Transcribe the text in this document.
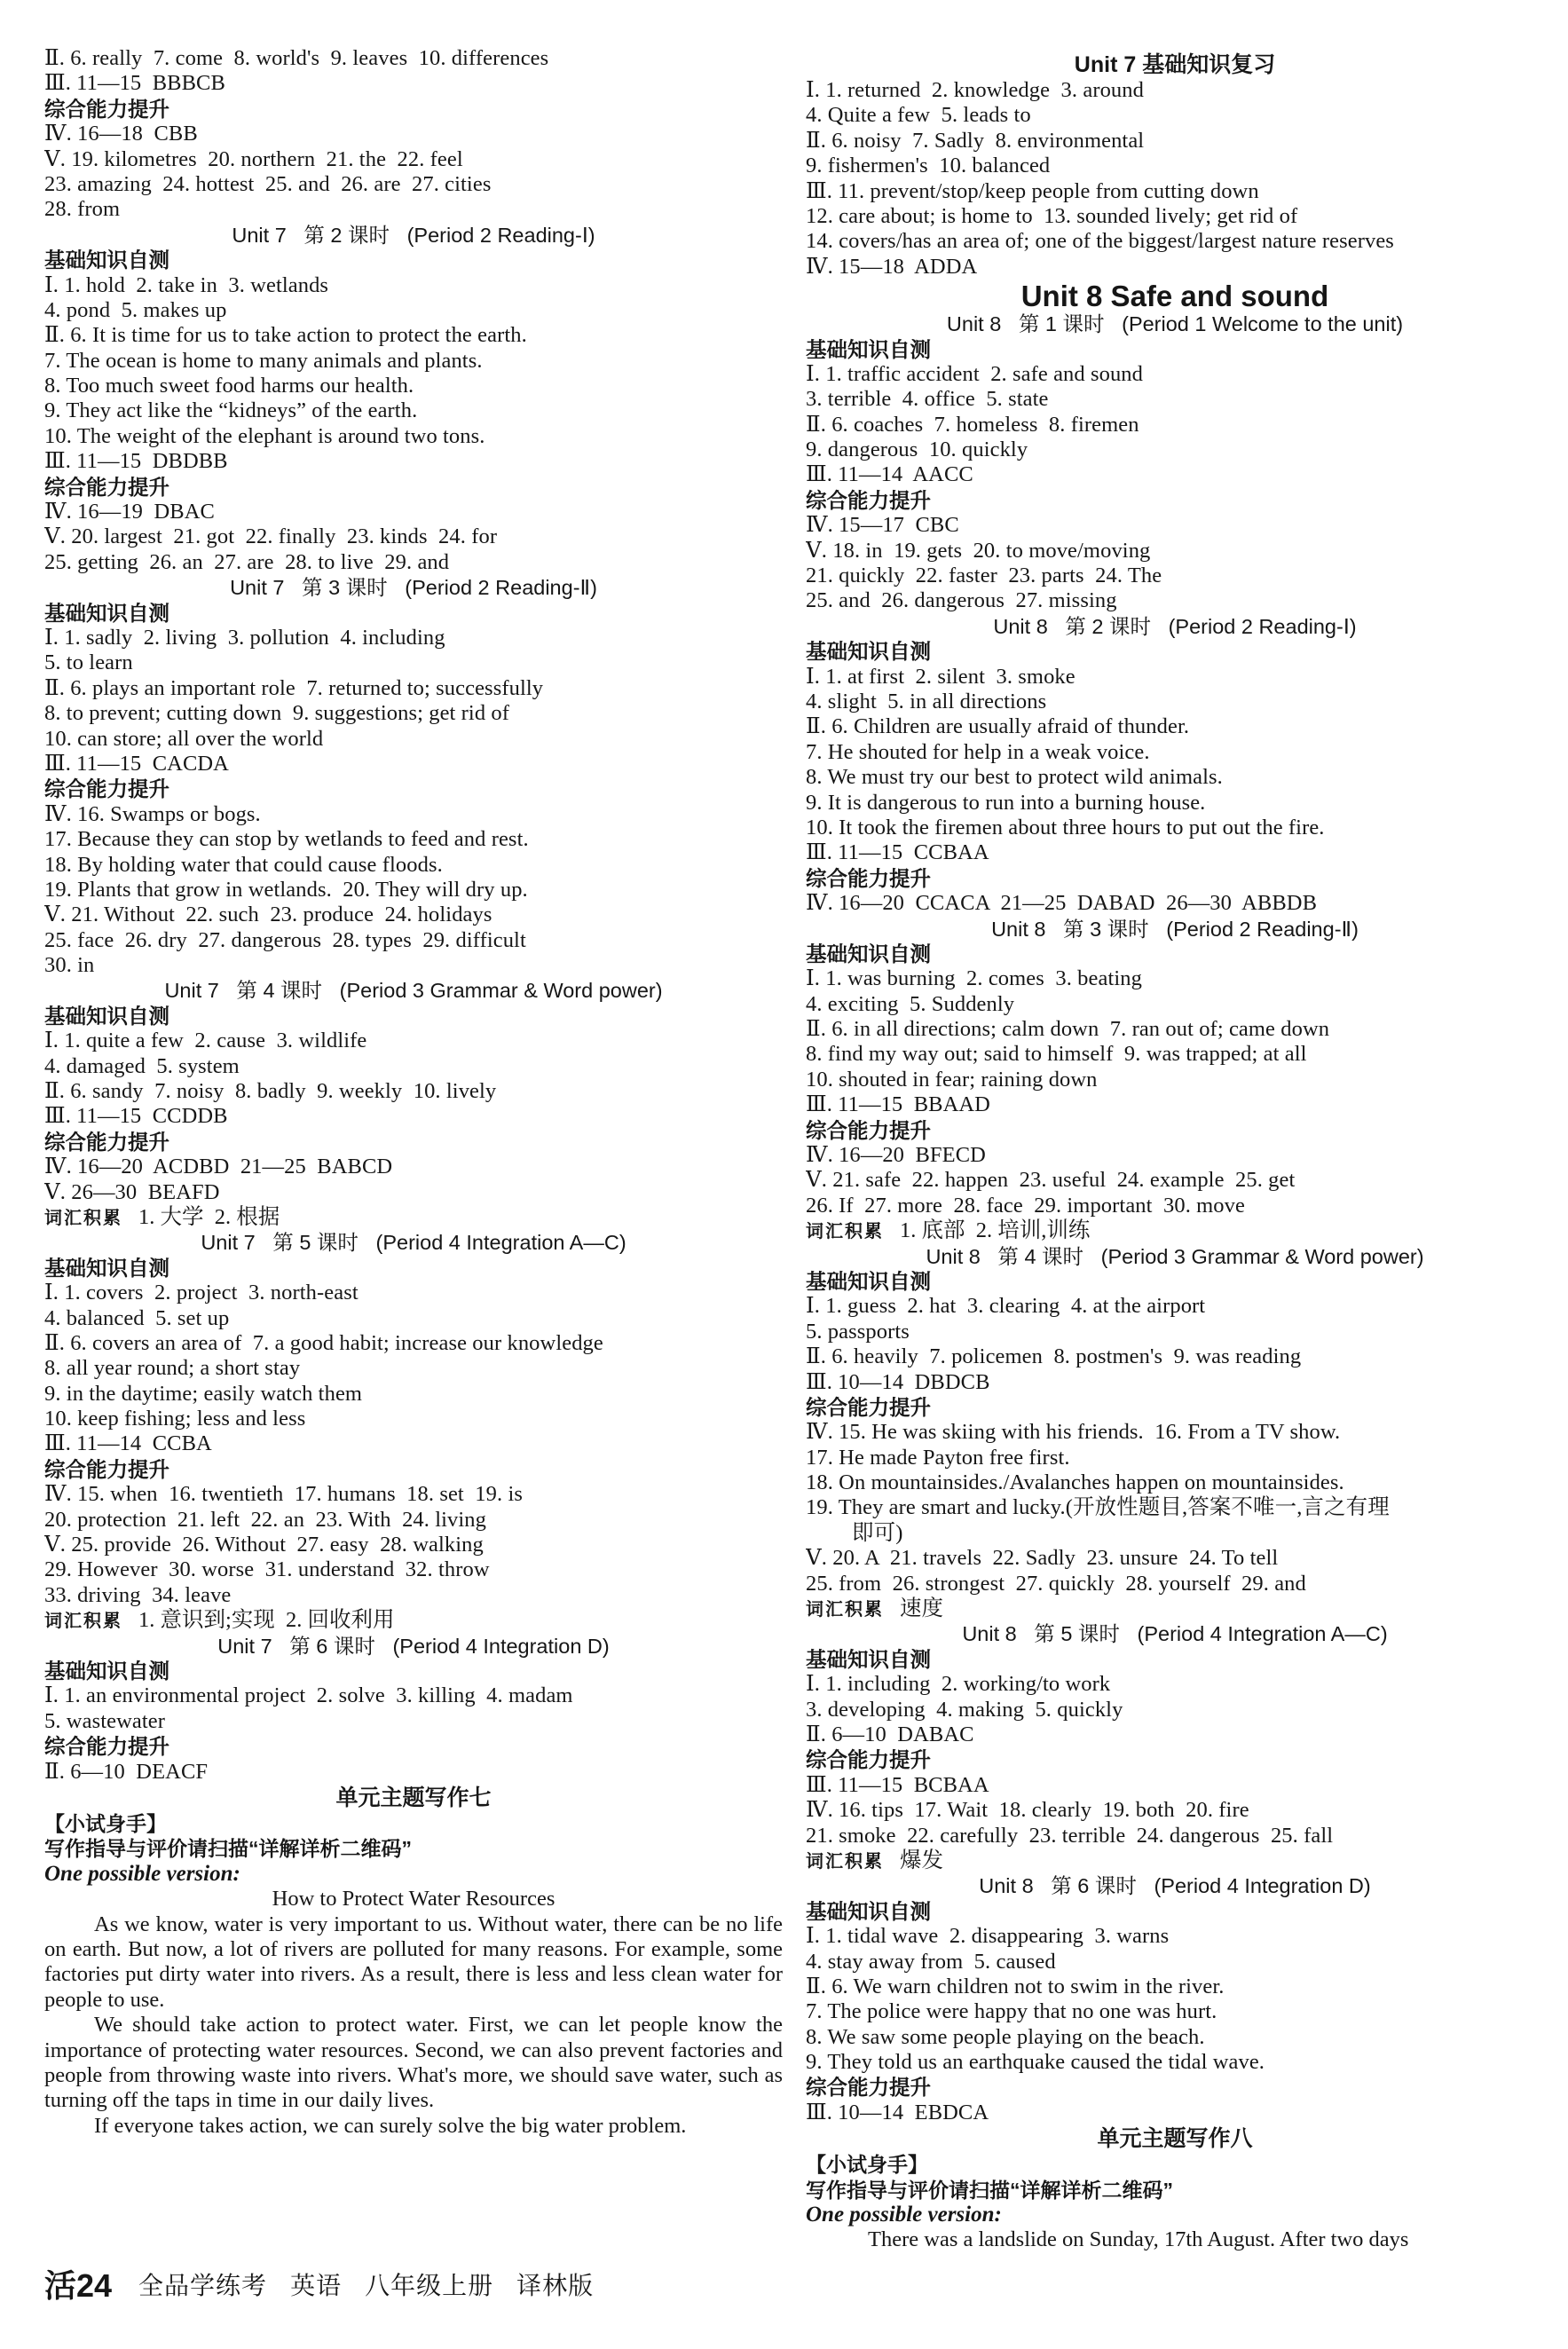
Ⅱ. 6. really  7. come  8. world's  9. leaves  10. differences
Ⅲ. 11—15  BBBCB
综合能力提升
Ⅳ. 16—18  CBB
Ⅴ. 19. kilometres  20. northern  21. the  22. feel
23. amazing  24. hottest  25. and  26. are  27. cities
28. from
Unit 7   第 2 课时   (Period 2 Reading-Ⅰ)
基础知识自测
Ⅰ. 1. hold  2. take in  3. wetlands
4. pond  5. makes up
Ⅱ. 6. It is time for us to take action to protect the earth.
7. The ocean is home to many animals and plants.
8. Too much sweet food harms our health.
9. They act like the “kidneys” of the earth.
10. The weight of the elephant is around two tons.
Ⅲ. 11—15  DBDBB
综合能力提升
Ⅳ. 16—19  DBAC
Ⅴ. 20. largest  21. got  22. finally  23. kinds  24. for
25. getting  26. an  27. are  28. to live  29. and
Unit 7   第 3 课时   (Period 2 Reading-Ⅱ)
基础知识自测
Ⅰ. 1. sadly  2. living  3. pollution  4. including
5. to learn
Ⅱ. 6. plays an important role  7. returned to; successfully
8. to prevent; cutting down  9. suggestions; get rid of
10. can store; all over the world
Ⅲ. 11—15  CACDA
综合能力提升
Ⅳ. 16. Swamps or bogs.
17. Because they can stop by wetlands to feed and rest.
18. By holding water that could cause floods.
19. Plants that grow in wetlands.  20. They will dry up.
Ⅴ. 21. Without  22. such  23. produce  24. holidays
25. face  26. dry  27. dangerous  28. types  29. difficult
30. in
Unit 7   第 4 课时   (Period 3 Grammar & Word power)
基础知识自测
Ⅰ. 1. quite a few  2. cause  3. wildlife
4. damaged  5. system
Ⅱ. 6. sandy  7. noisy  8. badly  9. weekly  10. lively
Ⅲ. 11—15  CCDDB
综合能力提升
Ⅳ. 16—20  ACDBD  21—25  BABCD
Ⅴ. 26—30  BEAFD
词汇积累 1. 大学  2. 根据
Unit 7   第 5 课时   (Period 4 Integration A—C)
基础知识自测
Ⅰ. 1. covers  2. project  3. north-east
4. balanced  5. set up
Ⅱ. 6. covers an area of  7. a good habit; increase our knowledge
8. all year round; a short stay
9. in the daytime; easily watch them
10. keep fishing; less and less
Ⅲ. 11—14  CCBA
综合能力提升
Ⅳ. 15. when  16. twentieth  17. humans  18. set  19. is
20. protection  21. left  22. an  23. With  24. living
Ⅴ. 25. provide  26. Without  27. easy  28. walking
29. However  30. worse  31. understand  32. throw
33. driving  34. leave
词汇积累 1. 意识到;实现  2. 回收利用
Unit 7   第 6 课时   (Period 4 Integration D)
基础知识自测
Ⅰ. 1. an environmental project  2. solve  3. killing  4. madam
5. wastewater
综合能力提升
Ⅱ. 6—10  DEACF
单元主题写作七
【小试身手】
写作指导与评价请扫描“详解详析二维码”
One possible version:
How to Protect Water Resources

As we know, water is very important to us. Without water, there can be no life on earth. But now, a lot of rivers are polluted for many reasons. For example, some factories put dirty water into rivers. As a result, there is less and less clean water for people to use.

We should take action to protect water. First, we can let people know the importance of protecting water resources. Second, we can also prevent factories and people from throwing waste into rivers. What's more, we should save water, such as turning off the taps in time in our daily lives.

If everyone takes action, we can surely solve the big water problem.

Unit 7 基础知识复习
Ⅰ. 1. returned  2. knowledge  3. around
4. Quite a few  5. leads to
Ⅱ. 6. noisy  7. Sadly  8. environmental
9. fishermen's  10. balanced
Ⅲ. 11. prevent/stop/keep people from cutting down
12. care about; is home to  13. sounded lively; get rid of
14. covers/has an area of; one of the biggest/largest nature reserves
Ⅳ. 15—18  ADDA
Unit 8 Safe and sound
Unit 8   第 1 课时   (Period 1 Welcome to the unit)
基础知识自测
Ⅰ. 1. traffic accident  2. safe and sound
3. terrible  4. office  5. state
Ⅱ. 6. coaches  7. homeless  8. firemen
9. dangerous  10. quickly
Ⅲ. 11—14  AACC
综合能力提升
Ⅳ. 15—17  CBC
Ⅴ. 18. in  19. gets  20. to move/moving
21. quickly  22. faster  23. parts  24. The
25. and  26. dangerous  27. missing
Unit 8   第 2 课时   (Period 2 Reading-Ⅰ)
基础知识自测
Ⅰ. 1. at first  2. silent  3. smoke
4. slight  5. in all directions
Ⅱ. 6. Children are usually afraid of thunder.
7. He shouted for help in a weak voice.
8. We must try our best to protect wild animals.
9. It is dangerous to run into a burning house.
10. It took the firemen about three hours to put out the fire.
Ⅲ. 11—15  CCBAA
综合能力提升
Ⅳ. 16—20  CCACA  21—25  DABAD  26—30  ABBDB
Unit 8   第 3 课时   (Period 2 Reading-Ⅱ)
基础知识自测
Ⅰ. 1. was burning  2. comes  3. beating
4. exciting  5. Suddenly
Ⅱ. 6. in all directions; calm down  7. ran out of; came down
8. find my way out; said to himself  9. was trapped; at all
10. shouted in fear; raining down
Ⅲ. 11—15  BBAAD
综合能力提升
Ⅳ. 16—20  BFECD
Ⅴ. 21. safe  22. happen  23. useful  24. example  25. get
26. If  27. more  28. face  29. important  30. move
词汇积累 1. 底部  2. 培训,训练
Unit 8   第 4 课时   (Period 3 Grammar & Word power)
基础知识自测
Ⅰ. 1. guess  2. hat  3. clearing  4. at the airport
5. passports
Ⅱ. 6. heavily  7. policemen  8. postmen's  9. was reading
Ⅲ. 10—14  DBDCB
综合能力提升
Ⅳ. 15. He was skiing with his friends.  16. From a TV show.
17. He made Payton free first.
18. On mountainsides./Avalanches happen on mountainsides.
19. They are smart and lucky.(开放性题目,答案不唯一,言之有理
即可)
Ⅴ. 20. A  21. travels  22. Sadly  23. unsure  24. To tell
25. from  26. strongest  27. quickly  28. yourself  29. and
词汇积累 速度
Unit 8   第 5 课时   (Period 4 Integration A—C)
基础知识自测
Ⅰ. 1. including  2. working/to work
3. developing  4. making  5. quickly
Ⅱ. 6—10  DABAC
综合能力提升
Ⅲ. 11—15  BCBAA
Ⅳ. 16. tips  17. Wait  18. clearly  19. both  20. fire
21. smoke  22. carefully  23. terrible  24. dangerous  25. fall
词汇积累 爆发
Unit 8   第 6 课时   (Period 4 Integration D)
基础知识自测
Ⅰ. 1. tidal wave  2. disappearing  3. warns
4. stay away from  5. caused
Ⅱ. 6. We warn children not to swim in the river.
7. The police were happy that no one was hurt.
8. We saw some people playing on the beach.
9. They told us an earthquake caused the tidal wave.
综合能力提升
Ⅲ. 10—14  EBDCA
单元主题写作八
【小试身手】
写作指导与评价请扫描“详解详析二维码”
One possible version:

There was a landslide on Sunday, 17th August. After two days

活24 全品学练考 英语 八年级上册 译林版
